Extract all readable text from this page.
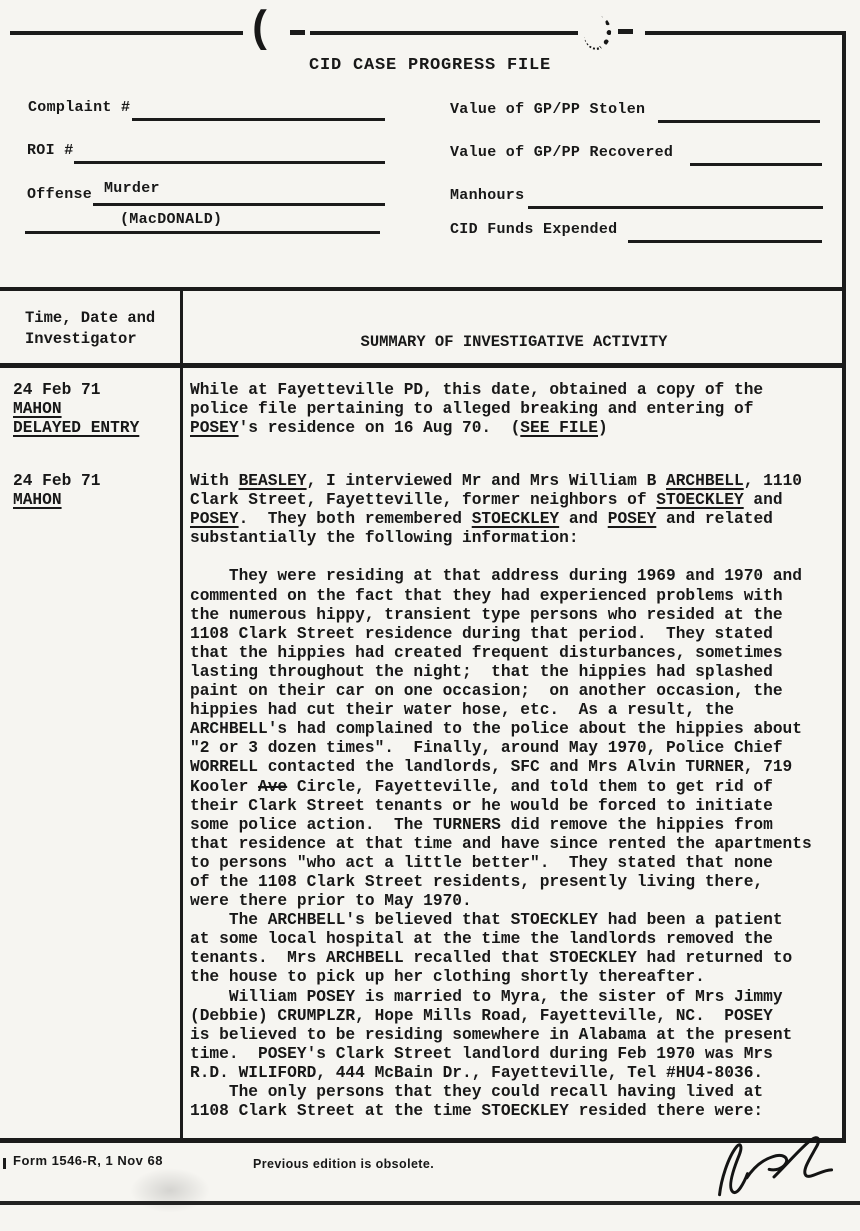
(
CID CASE PROGRESS FILE
Complaint #
ROI #
Offense Murder
(MacDONALD)
Value of GP/PP Stolen
Value of GP/PP Recovered
Manhours
CID Funds Expended
Time, Date and
Investigator	SUMMARY OF INVESTIGATIVE ACTIVITY
24 Feb 71
MAHON
DELAYED ENTRY
While at Fayetteville PD, this date, obtained a copy of the
police file pertaining to alleged breaking and entering of
POSEY's residence on 16 Aug 70.  (SEE FILE)
24 Feb 71
MAHON
With BEASLEY, I interviewed Mr and Mrs William B ARCHBELL, 1110
Clark Street, Fayetteville, former neighbors of STOECKLEY and
POSEY.  They both remembered STOECKLEY and POSEY and related
substantially the following information:

They were residing at that address during 1969 and 1970 and
commented on the fact that they had experienced problems with
the numerous hippy, transient type persons who resided at the
1108 Clark Street residence during that period.  They stated
that the hippies had created frequent disturbances, sometimes
lasting throughout the night;  that the hippies had splashed
paint on their car on one occasion;  on another occasion, the
hippies had cut their water hose, etc.  As a result, the
ARCHBELL's had complained to the police about the hippies about
"2 or 3 dozen times".  Finally, around May 1970, Police Chief
WORRELL contacted the landlords, SFC and Mrs Alvin TURNER, 719
Kooler Ave Circle, Fayetteville, and told them to get rid of
their Clark Street tenants or he would be forced to initiate
some police action.  The TURNERS did remove the hippies from
that residence at that time and have since rented the apartments
to persons "who act a little better".  They stated that none
of the 1108 Clark Street residents, presently living there,
were there prior to May 1970.
The ARCHBELL's believed that STOECKLEY had been a patient
at some local hospital at the time the landlords removed the
tenants.  Mrs ARCHBELL recalled that STOECKLEY had returned to
the house to pick up her clothing shortly thereafter.
William POSEY is married to Myra, the sister of Mrs Jimmy
(Debbie) CRUMPLZR, Hope Mills Road, Fayetteville, NC.  POSEY
is believed to be residing somewhere in Alabama at the present
time.  POSEY's Clark Street landlord during Feb 1970 was Mrs
R.D. WILIFORD, 444 McBain Dr., Fayetteville, Tel #HU4-8036.
The only persons that they could recall having lived at
1108 Clark Street at the time STOECKLEY resided there were:
Form 1546-R, 1 Nov 68	Previous edition is obsolete.
